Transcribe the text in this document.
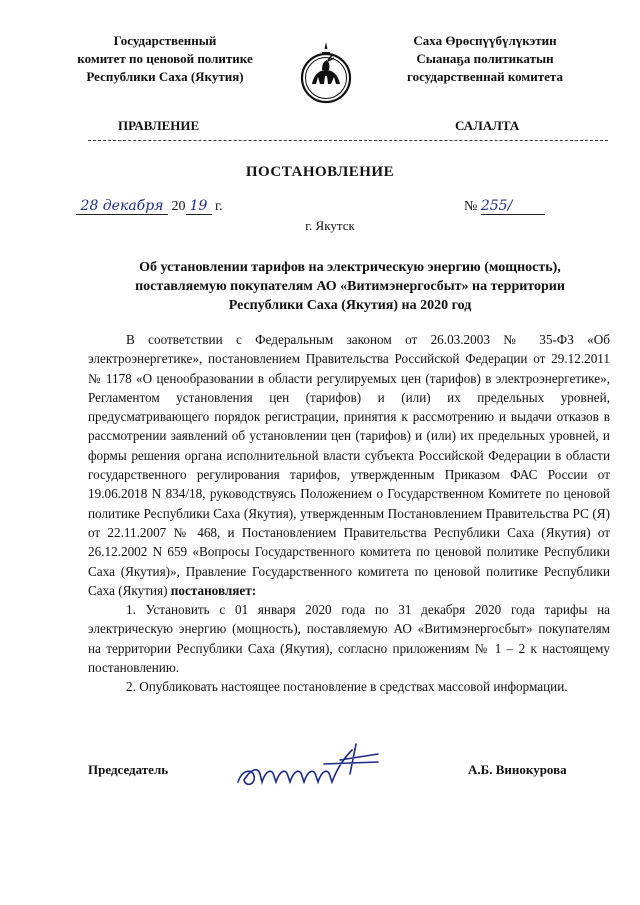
Государственный
комитет по ценовой политике
Республики Саха (Якутия)
Саха Өрөспүүбүлүкэтин
Сыанаҕа политикатын
государственнай комитета
ПРАВЛЕНИЕ	САЛАЛТА
ПОСТАНОВЛЕНИЕ
28 декабря 20 19 г.	№ 255/
г. Якутск
Об установлении тарифов на электрическую энергию (мощность),
поставляемую покупателям АО «Витимэнергосбыт» на территории
Республики Саха (Якутия) на 2020 год

В соответствии с Федеральным законом от 26.03.2003 № 35-ФЗ «Об электроэнергетике», постановлением Правительства Российской Федерации от 29.12.2011 № 1178 «О ценообразовании в области регулируемых цен (тарифов) в электроэнергетике», Регламентом установления цен (тарифов) и (или) их предельных уровней, предусматривающего порядок регистрации, принятия к рассмотрению и выдачи отказов в рассмотрении заявлений об установлении цен (тарифов) и (или) их предельных уровней, и формы решения органа исполнительной власти субъекта Российской Федерации в области государственного регулирования тарифов, утвержденным Приказом ФАС России от 19.06.2018 N 834/18, руководствуясь Положением о Государственном Комитете по ценовой политике Республики Саха (Якутия), утвержденным Постановлением Правительства РС (Я) от 22.11.2007 № 468, и Постановлением Правительства Республики Саха (Якутия) от 26.12.2002 N 659 «Вопросы Государственного комитета по ценовой политике Республики Саха (Якутия)», Правление Государственного комитета по ценовой политике Республики Саха (Якутия) постановляет:

1. Установить с 01 января 2020 года по 31 декабря 2020 года тарифы на электрическую энергию (мощность), поставляемую АО «Витимэнергосбыт» покупателям на территории Республики Саха (Якутия), согласно приложениям № 1 – 2 к настоящему постановлению.

2. Опубликовать настоящее постановление в средствах массовой информации.

Председатель	А.Б. Винокурова
